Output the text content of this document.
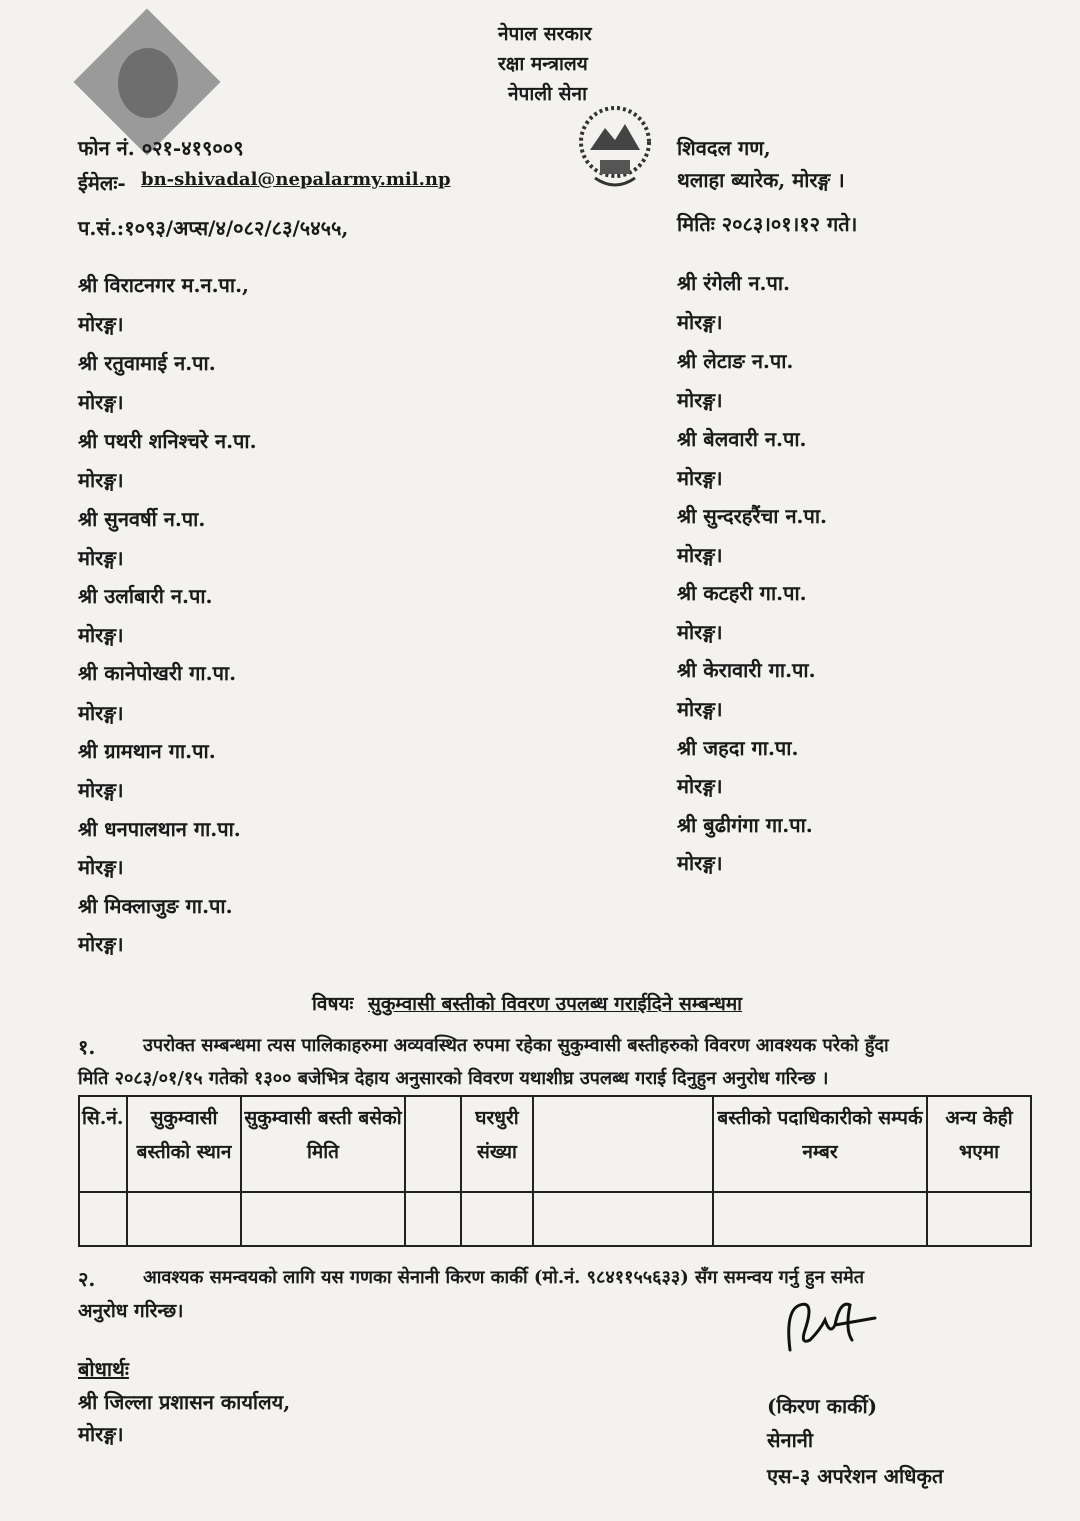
नेपाल सरकार
रक्षा मन्त्रालय
नेपाली सेना
फोन नं. ०२१-४१९००९
ईमेलः- bn-shivadal@nepalarmy.mil.np
प.सं.:१०९३/अप्स/४/०८२/८३/५४५५,
शिवदल गण,
थलाहा ब्यारेक, मोरङ्ग ।
मितिः २०८३।०१।१२ गते।
श्री विराटनगर म.न.पा.,
मोरङ्ग।
श्री रतुवामाई न.पा.
मोरङ्ग।
श्री पथरी शनिश्चरे न.पा.
मोरङ्ग।
श्री सुनवर्षी न.पा.
मोरङ्ग।
श्री उर्लाबारी न.पा.
मोरङ्ग।
श्री कानेपोखरी गा.पा.
मोरङ्ग।
श्री ग्रामथान गा.पा.
मोरङ्ग।
श्री धनपालथान गा.पा.
मोरङ्ग।
श्री मिक्लाजुङ गा.पा.
मोरङ्ग।
श्री रंगेली न.पा.
मोरङ्ग।
श्री लेटाङ न.पा.
मोरङ्ग।
श्री बेलवारी न.पा.
मोरङ्ग।
श्री सुन्दरहरैंचा न.पा.
मोरङ्ग।
श्री कटहरी गा.पा.
मोरङ्ग।
श्री केरावारी गा.पा.
मोरङ्ग।
श्री जहदा गा.पा.
मोरङ्ग।
श्री बुढीगंगा गा.पा.
मोरङ्ग।
विषयः सुकुम्वासी बस्तीको विवरण उपलब्ध गराईदिने सम्बन्धमा
१.	उपरोक्त सम्बन्धमा त्यस पालिकाहरुमा अव्यवस्थित रुपमा रहेका सुकुम्वासी बस्तीहरुको विवरण आवश्यक परेको हुँदा
मिति २०८३/०१/१५ गतेको १३०० बजेभित्र देहाय अनुसारको विवरण यथाशीघ्र उपलब्ध गराई दिनुहुन अनुरोध गरिन्छ ।
सि.नं.	सुकुम्वासी बस्तीको स्थान	सुकुम्वासी बस्ती बसेको मिति		घरधुरी संख्या		बस्तीको पदाधिकारीको सम्पर्क नम्बर	अन्य केही भएमा

२.	आवश्यक समन्वयको लागि यस गणका सेनानी किरण कार्की (मो.नं. ९८४११५५६३३) सँग समन्वय गर्नु हुन समेत
अनुरोध गरिन्छ।
बोधार्थः
श्री जिल्ला प्रशासन कार्यालय,
मोरङ्ग।
(किरण कार्की)
सेनानी
एस-३ अपरेशन अधिकृत
